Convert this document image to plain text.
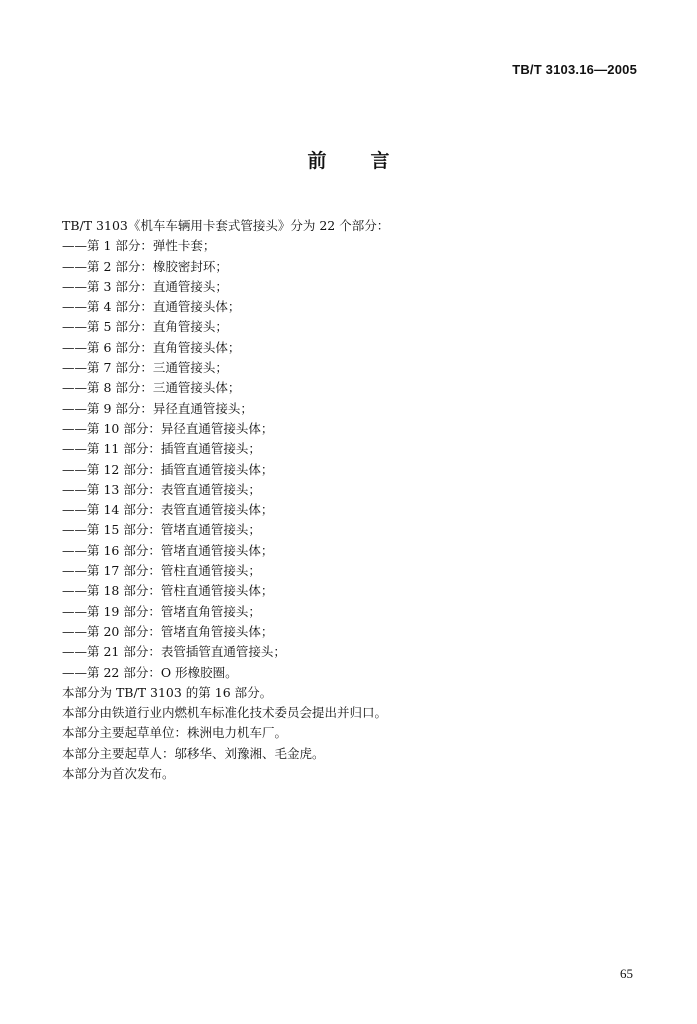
TB/T 3103.16—2005
前言
TB/T 3103《机车车辆用卡套式管接头》分为 22 个部分：
——第 1 部分：弹性卡套；
——第 2 部分：橡胶密封环；
——第 3 部分：直通管接头；
——第 4 部分：直通管接头体；
——第 5 部分：直角管接头；
——第 6 部分：直角管接头体；
——第 7 部分：三通管接头；
——第 8 部分：三通管接头体；
——第 9 部分：异径直通管接头；
——第 10 部分：异径直通管接头体；
——第 11 部分：插管直通管接头；
——第 12 部分：插管直通管接头体；
——第 13 部分：表管直通管接头；
——第 14 部分：表管直通管接头体；
——第 15 部分：管堵直通管接头；
——第 16 部分：管堵直通管接头体；
——第 17 部分：管柱直通管接头；
——第 18 部分：管柱直通管接头体；
——第 19 部分：管堵直角管接头；
——第 20 部分：管堵直角管接头体；
——第 21 部分：表管插管直通管接头；
——第 22 部分：O 形橡胶圈。
本部分为 TB/T 3103 的第 16 部分。
本部分由铁道行业内燃机车标准化技术委员会提出并归口。
本部分主要起草单位：株洲电力机车厂。
本部分主要起草人：邬移华、刘豫湘、毛金虎。
本部分为首次发布。
65
